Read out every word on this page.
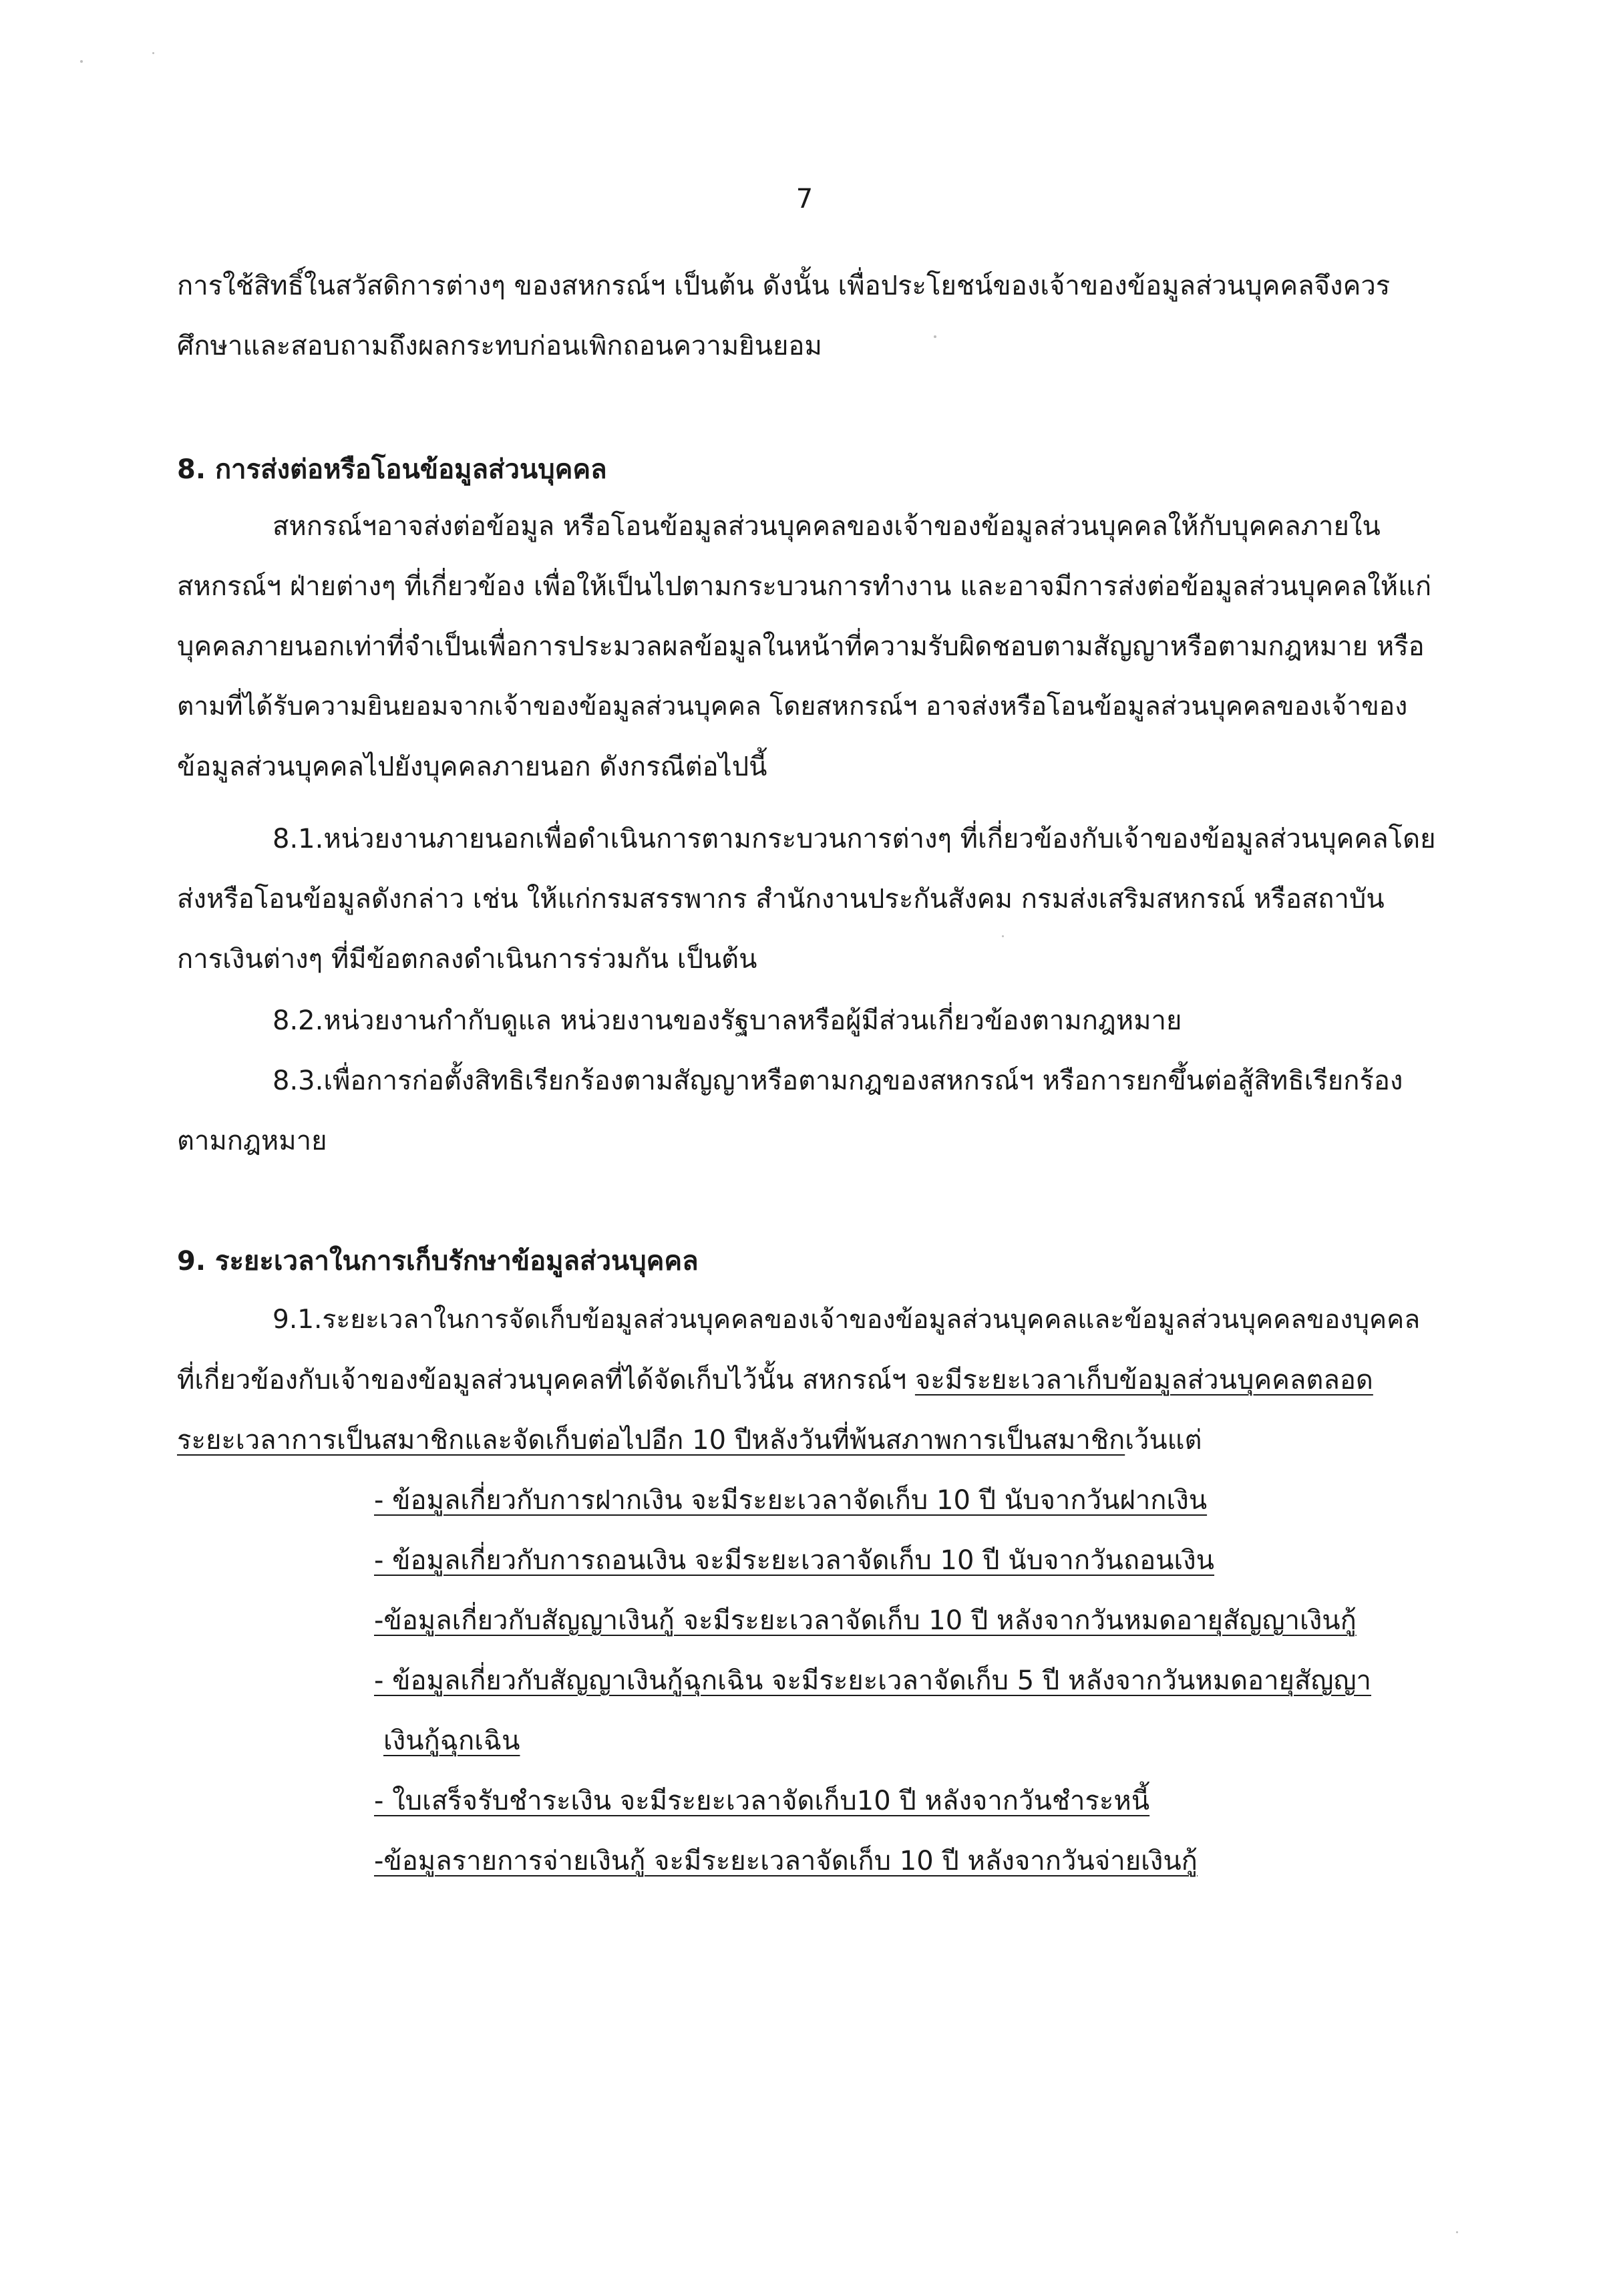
7

การใช้สิทธิ์ในสวัสดิการต่างๆ ของสหกรณ์ฯ เป็นต้น ดังนั้น เพื่อประโยชน์ของเจ้าของข้อมูลส่วนบุคคลจึงควร

ศึกษาและสอบถามถึงผลกระทบก่อนเพิกถอนความยินยอม

8. การส่งต่อหรือโอนข้อมูลส่วนบุคคล

สหกรณ์ฯอาจส่งต่อข้อมูล หรือโอนข้อมูลส่วนบุคคลของเจ้าของข้อมูลส่วนบุคคลให้กับบุคคลภายใน

สหกรณ์ฯ ฝ่ายต่างๆ ที่เกี่ยวข้อง เพื่อให้เป็นไปตามกระบวนการทำงาน และอาจมีการส่งต่อข้อมูลส่วนบุคคลให้แก่

บุคคลภายนอกเท่าที่จำเป็นเพื่อการประมวลผลข้อมูลในหน้าที่ความรับผิดชอบตามสัญญาหรือตามกฎหมาย หรือ

ตามที่ได้รับความยินยอมจากเจ้าของข้อมูลส่วนบุคคล โดยสหกรณ์ฯ อาจส่งหรือโอนข้อมูลส่วนบุคคลของเจ้าของ

ข้อมูลส่วนบุคคลไปยังบุคคลภายนอก ดังกรณีต่อไปนี้

8.1.หน่วยงานภายนอกเพื่อดำเนินการตามกระบวนการต่างๆ ที่เกี่ยวข้องกับเจ้าของข้อมูลส่วนบุคคลโดย

ส่งหรือโอนข้อมูลดังกล่าว เช่น ให้แก่กรมสรรพากร สำนักงานประกันสังคม กรมส่งเสริมสหกรณ์ หรือสถาบัน

การเงินต่างๆ ที่มีข้อตกลงดำเนินการร่วมกัน เป็นต้น

8.2.หน่วยงานกำกับดูแล หน่วยงานของรัฐบาลหรือผู้มีส่วนเกี่ยวข้องตามกฎหมาย

8.3.เพื่อการก่อตั้งสิทธิเรียกร้องตามสัญญาหรือตามกฎของสหกรณ์ฯ หรือการยกขึ้นต่อสู้สิทธิเรียกร้อง

ตามกฎหมาย

9. ระยะเวลาในการเก็บรักษาข้อมูลส่วนบุคคล

9.1.ระยะเวลาในการจัดเก็บข้อมูลส่วนบุคคลของเจ้าของข้อมูลส่วนบุคคลและข้อมูลส่วนบุคคลของบุคคล

ที่เกี่ยวข้องกับเจ้าของข้อมูลส่วนบุคคลที่ได้จัดเก็บไว้นั้น สหกรณ์ฯ จะมีระยะเวลาเก็บข้อมูลส่วนบุคคลตลอด

ระยะเวลาการเป็นสมาชิกและจัดเก็บต่อไปอีก 10 ปีหลังวันที่พ้นสภาพการเป็นสมาชิกเว้นแต่

- ข้อมูลเกี่ยวกับการฝากเงิน จะมีระยะเวลาจัดเก็บ 10 ปี นับจากวันฝากเงิน

- ข้อมูลเกี่ยวกับการถอนเงิน จะมีระยะเวลาจัดเก็บ 10 ปี นับจากวันถอนเงิน

-ข้อมูลเกี่ยวกับสัญญาเงินกู้ จะมีระยะเวลาจัดเก็บ 10 ปี หลังจากวันหมดอายุสัญญาเงินกู้

- ข้อมูลเกี่ยวกับสัญญาเงินกู้ฉุกเฉิน จะมีระยะเวลาจัดเก็บ 5 ปี หลังจากวันหมดอายุสัญญา

เงินกู้ฉุกเฉิน

- ใบเสร็จรับชำระเงิน จะมีระยะเวลาจัดเก็บ10 ปี หลังจากวันชำระหนี้

-ข้อมูลรายการจ่ายเงินกู้ จะมีระยะเวลาจัดเก็บ 10 ปี หลังจากวันจ่ายเงินกู้
